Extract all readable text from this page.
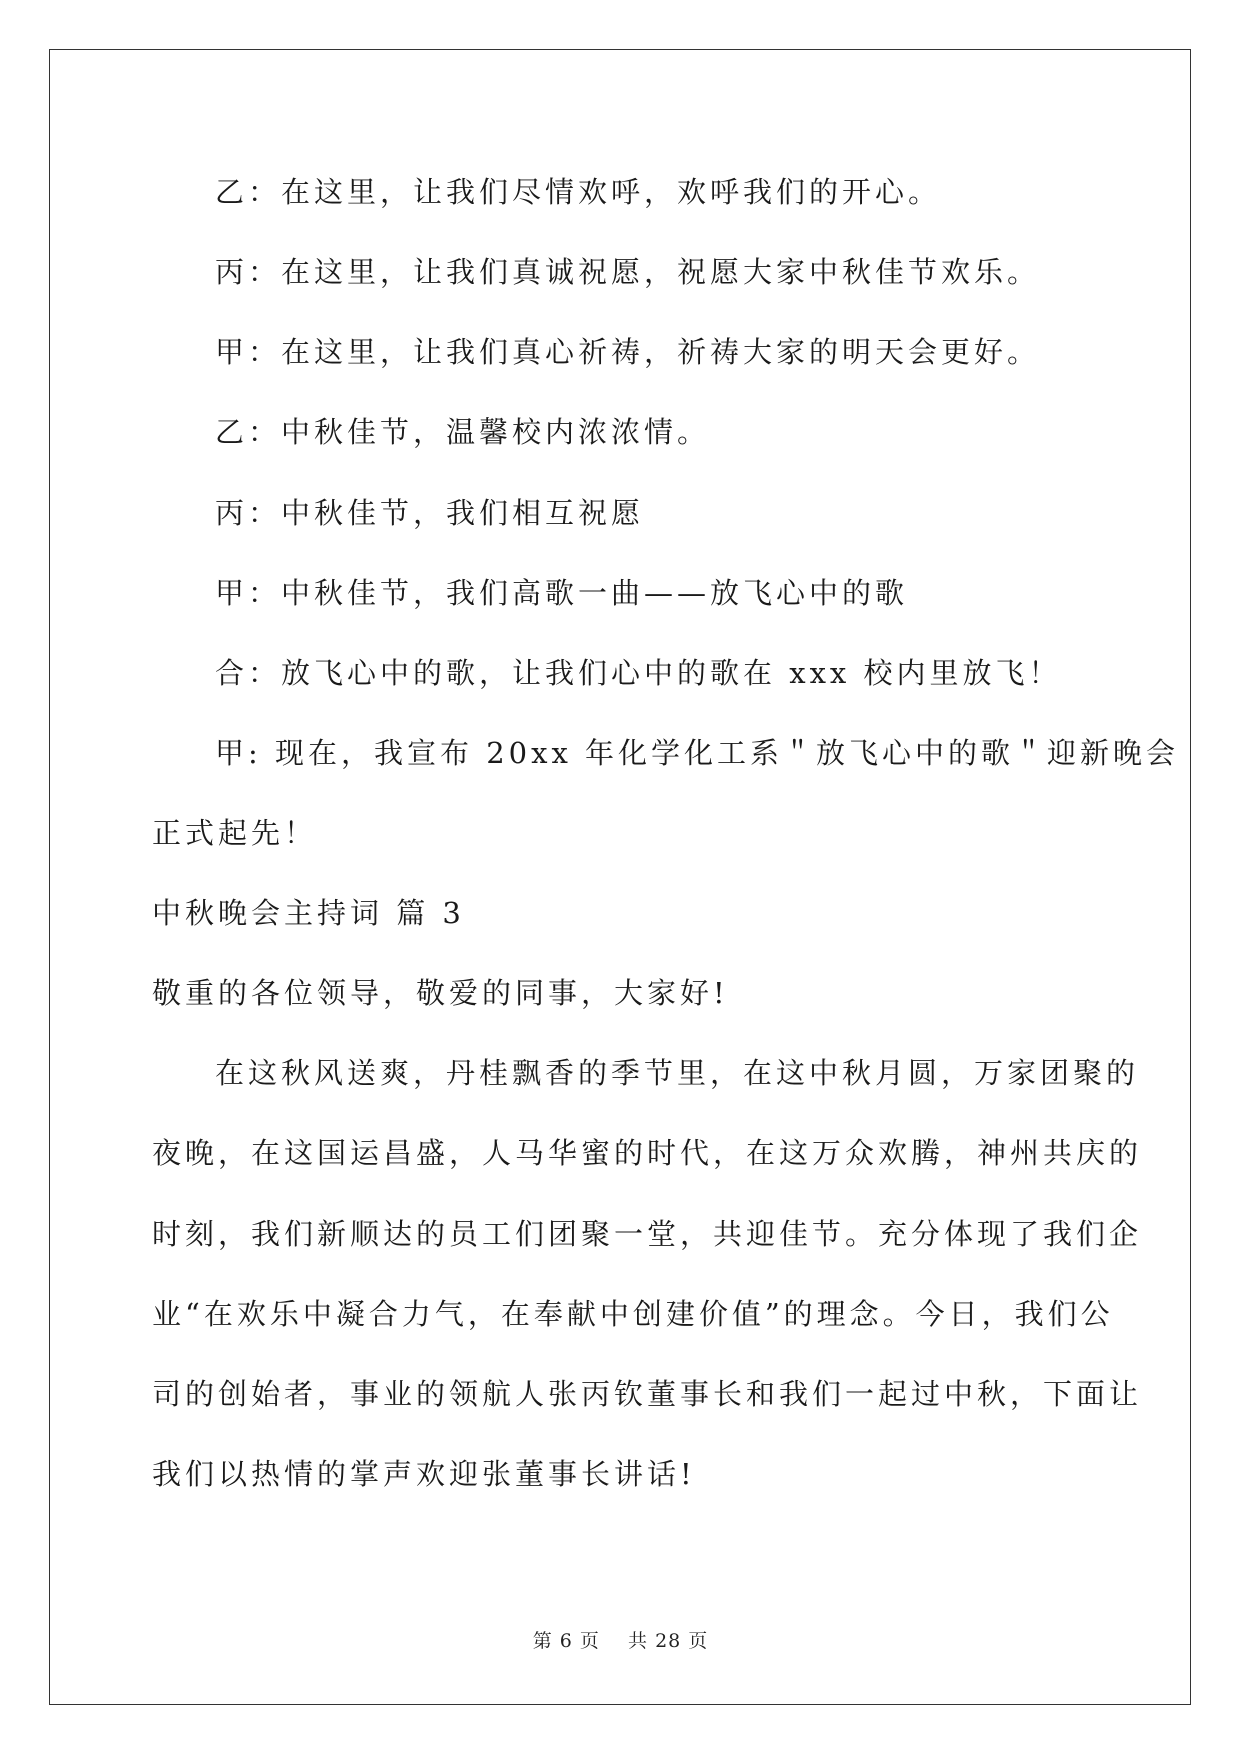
乙：在这里，让我们尽情欢呼，欢呼我们的开心。
丙：在这里，让我们真诚祝愿，祝愿大家中秋佳节欢乐。
甲：在这里，让我们真心祈祷，祈祷大家的明天会更好。
乙：中秋佳节，温馨校内浓浓情。
丙：中秋佳节，我们相互祝愿
甲：中秋佳节，我们高歌一曲——放飞心中的歌
合：放飞心中的歌，让我们心中的歌在 xxx 校内里放飞！
甲: 现在，我宣布 20xx 年化学化工系＂放飞心中的歌＂迎新晚会
正式起先！
中秋晚会主持词 篇 3
敬重的各位领导，敬爱的同事，大家好!
在这秋风送爽，丹桂飘香的季节里，在这中秋月圆，万家团聚的
夜晚，在这国运昌盛，人马华蜜的时代，在这万众欢腾，神州共庆的
时刻，我们新顺达的员工们团聚一堂，共迎佳节。充分体现了我们企
业“在欢乐中凝合力气，在奉献中创建价值”的理念。今日，我们公
司的创始者，事业的领航人张丙钦董事长和我们一起过中秋，下面让
我们以热情的掌声欢迎张董事长讲话!
第 6 页 共 28 页
